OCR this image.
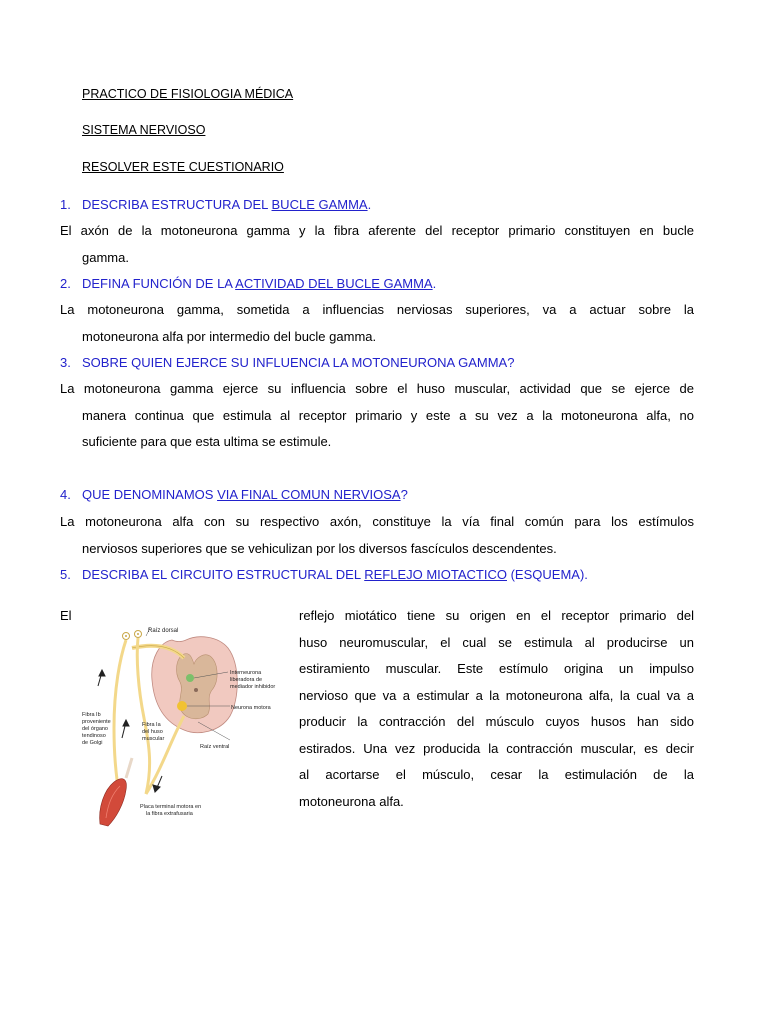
PRACTICO DE FISIOLOGIA MÉDICA
SISTEMA NERVIOSO
RESOLVER ESTE CUESTIONARIO
1. DESCRIBA ESTRUCTURA DEL BUCLE GAMMA.
El axón de la motoneurona gamma y la fibra aferente del receptor primario constituyen en bucle
gamma.
2. DEFINA FUNCIÓN DE LA ACTIVIDAD DEL BUCLE GAMMA.
La motoneurona gamma, sometida a influencias nerviosas superiores, va a actuar sobre la
motoneurona alfa por intermedio del bucle gamma.
3. SOBRE QUIEN EJERCE SU INFLUENCIA LA MOTONEURONA GAMMA?
La motoneurona gamma ejerce su influencia sobre el huso muscular, actividad que se ejerce de
manera continua que estimula al receptor primario y este a su vez a la motoneurona alfa, no
suficiente para que esta ultima se estimule.
4. QUE DENOMINAMOS VIA FINAL COMUN NERVIOSA?
La motoneurona alfa con su respectivo axón, constituye la vía final común para los estímulos
nerviosos superiores que se vehiculizan por los diversos fascículos descendentes.
5. DESCRIBA EL CIRCUITO ESTRUCTURAL DEL REFLEJO MIOTACTICO (ESQUEMA).
El
Raíz dorsal
Interneurona
liberadora de
mediador inhibidor
Neurona motora
Fibra Ib
proveniente
del órgano
tendinoso
de Golgi
Fibra Ia
del huso
muscular
Raíz ventral
Placa terminal motora en
la fibra extrafusaria
reflejo miotático tiene su origen en el receptor primario del
huso neuromuscular, el cual se estimula al producirse un
estiramiento muscular. Este estímulo origina un impulso
nervioso que va a estimular a la motoneurona alfa, la cual va a
producir la contracción del músculo cuyos husos han sido
estirados. Una vez producida la contracción muscular, es decir
al acortarse el músculo, cesar la estimulación de la
motoneurona alfa.
